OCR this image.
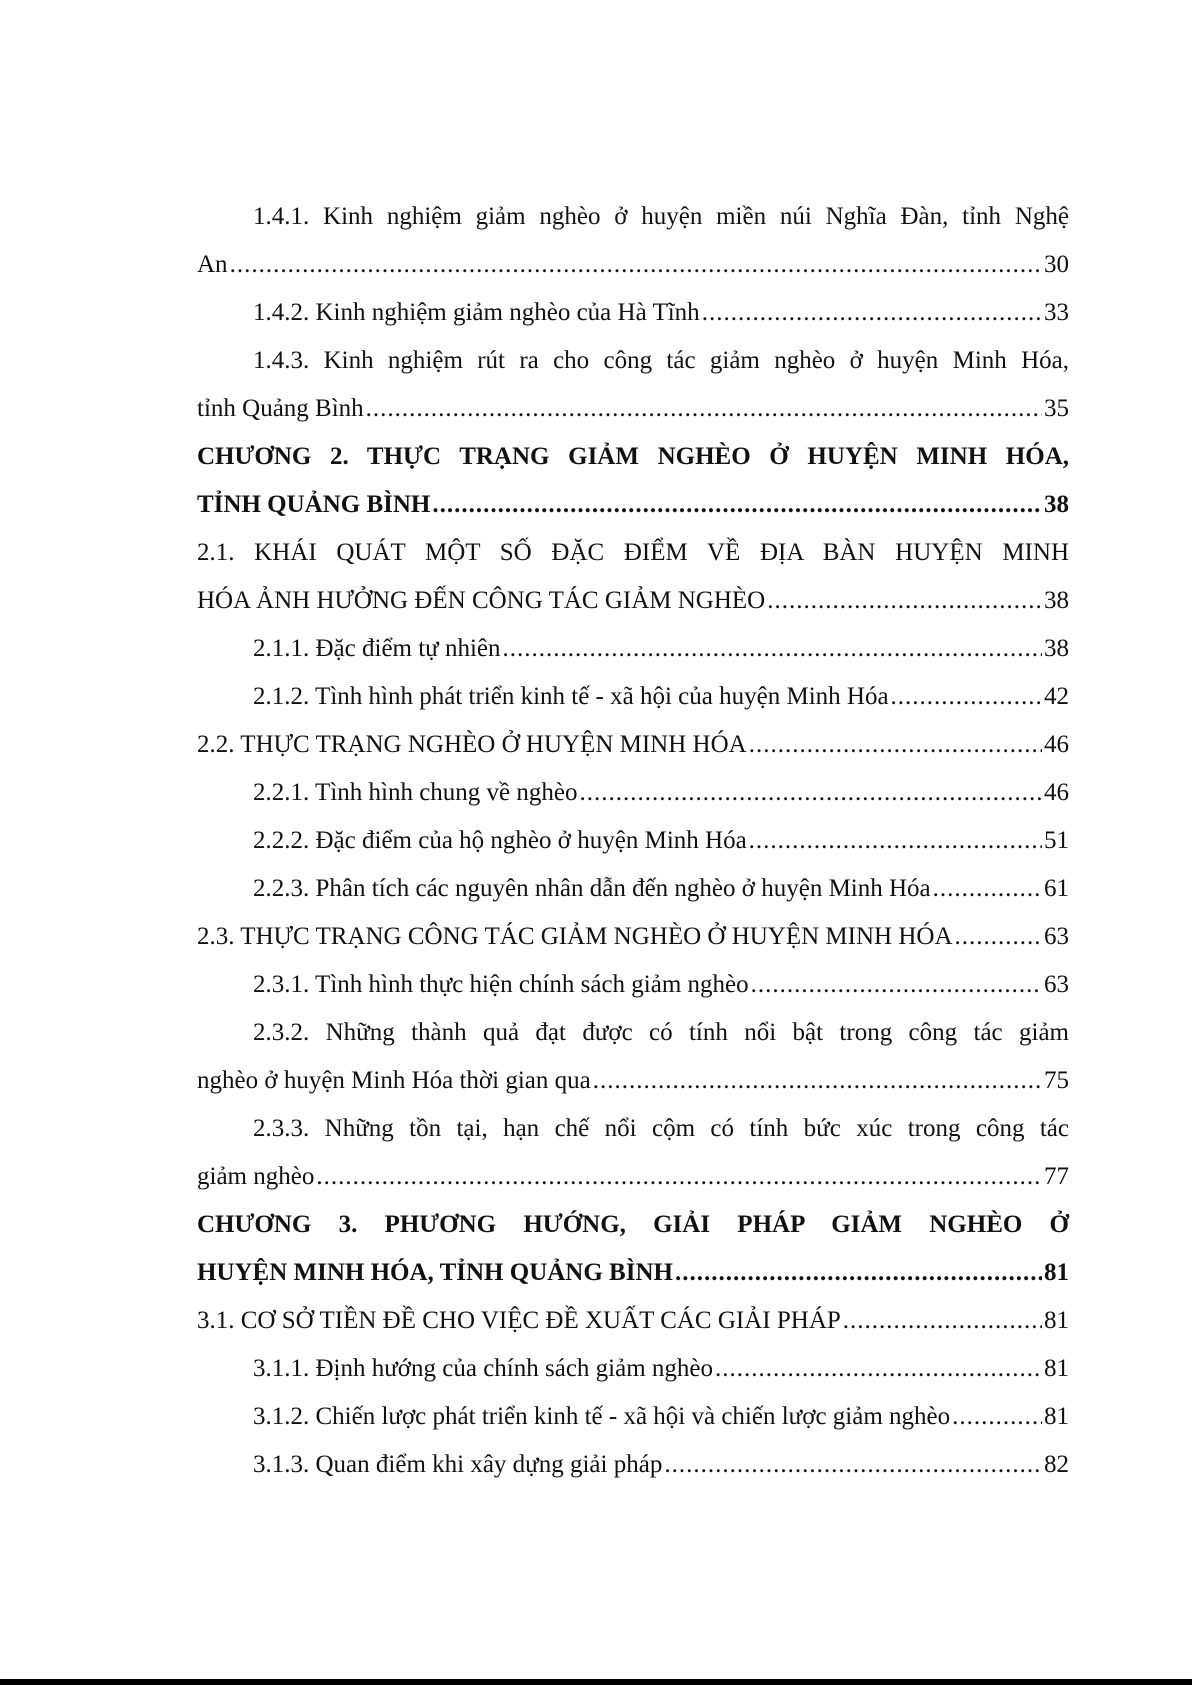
1.4.1. Kinh nghiệm giảm nghèo ở huyện miền núi Nghĩa Đàn, tỉnh Nghệ
An .....	30
1.4.2. Kinh nghiệm giảm nghèo của Hà Tĩnh .....	33
1.4.3. Kinh nghiệm rút ra cho công tác giảm nghèo ở huyện Minh Hóa,
tỉnh Quảng Bình .....	35
CHƯƠNG 2. THỰC TRẠNG GIẢM NGHÈO Ở HUYỆN MINH HÓA,
TỈNH QUẢNG BÌNH .....	38
2.1. KHÁI QUÁT MỘT SỐ ĐẶC ĐIỂM VỀ ĐỊA BÀN HUYỆN MINH
HÓA ẢNH HƯỞNG ĐẾN CÔNG TÁC GIẢM NGHÈO .....	38
2.1.1. Đặc điểm tự nhiên .....	38
2.1.2. Tình hình phát triển kinh tế - xã hội của huyện Minh Hóa .....	42
2.2. THỰC TRẠNG NGHÈO Ở HUYỆN MINH HÓA .....	46
2.2.1. Tình hình chung về nghèo .....	46
2.2.2. Đặc điểm của hộ nghèo ở huyện Minh Hóa .....	51
2.2.3. Phân tích các nguyên nhân dẫn đến nghèo ở huyện Minh Hóa .....	61
2.3. THỰC TRẠNG CÔNG TÁC GIẢM NGHÈO Ở HUYỆN MINH HÓA .....	63
2.3.1. Tình hình thực hiện chính sách giảm nghèo .....	63
2.3.2. Những thành quả đạt được có tính nổi bật trong công tác giảm
nghèo ở huyện Minh Hóa thời gian qua .....	75
2.3.3. Những tồn tại, hạn chế nổi cộm có tính bức xúc trong công tác
giảm nghèo .....	77
CHƯƠNG 3. PHƯƠNG HƯỚNG, GIẢI PHÁP GIẢM NGHÈO Ở
HUYỆN MINH HÓA, TỈNH QUẢNG BÌNH .....	81
3.1. CƠ SỞ TIỀN ĐỀ CHO VIỆC ĐỀ XUẤT CÁC GIẢI PHÁP .....	81
3.1.1. Định hướng của chính sách giảm nghèo .....	81
3.1.2. Chiến lược phát triển kinh tế - xã hội và chiến lược giảm nghèo .....	81
3.1.3. Quan điểm khi xây dựng giải pháp .....	82
